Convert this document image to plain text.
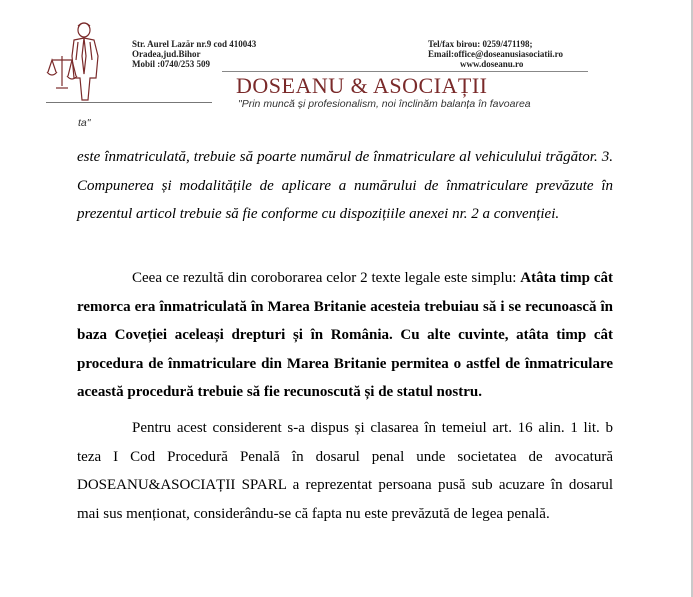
Str. Aurel Lazăr nr.9 cod 410043
Oradea,jud.Bihor
Mobil :0740/253 509
Tel/fax birou: 0259/471198;
Email:office@doseanusiasociatii.ro
www.doseanu.ro
DOSEANU & ASOCIAȚII
"Prin muncă și profesionalism, noi înclinăm balanța în favoarea
ta"
este înmatriculată, trebuie să poarte numărul de înmatriculare al vehiculului trăgător. 3. Compunerea și modalitățile de aplicare a numărului de înmatriculare prevăzute în prezentul articol trebuie să fie conforme cu dispozițiile anexei nr. 2 a convenției.
Ceea ce rezultă din coroborarea celor 2 texte legale este simplu: Atâta timp cât remorca era înmatriculată în Marea Britanie acesteia trebuiau să i se recunoască în baza Coveției aceleași drepturi și în România. Cu alte cuvinte, atâta timp cât procedura de înmatriculare din Marea Britanie permitea o astfel de înmatriculare această procedură trebuie să fie recunoscută și de statul nostru.
Pentru acest considerent s-a dispus și clasarea în temeiul art. 16 alin. 1 lit. b teza I Cod Procedură Penală în dosarul penal unde societatea de avocatură DOSEANU&ASOCIAȚII SPARL a reprezentat persoana pusă sub acuzare în dosarul mai sus menționat, considerându-se că fapta nu este prevăzută de legea penală.
